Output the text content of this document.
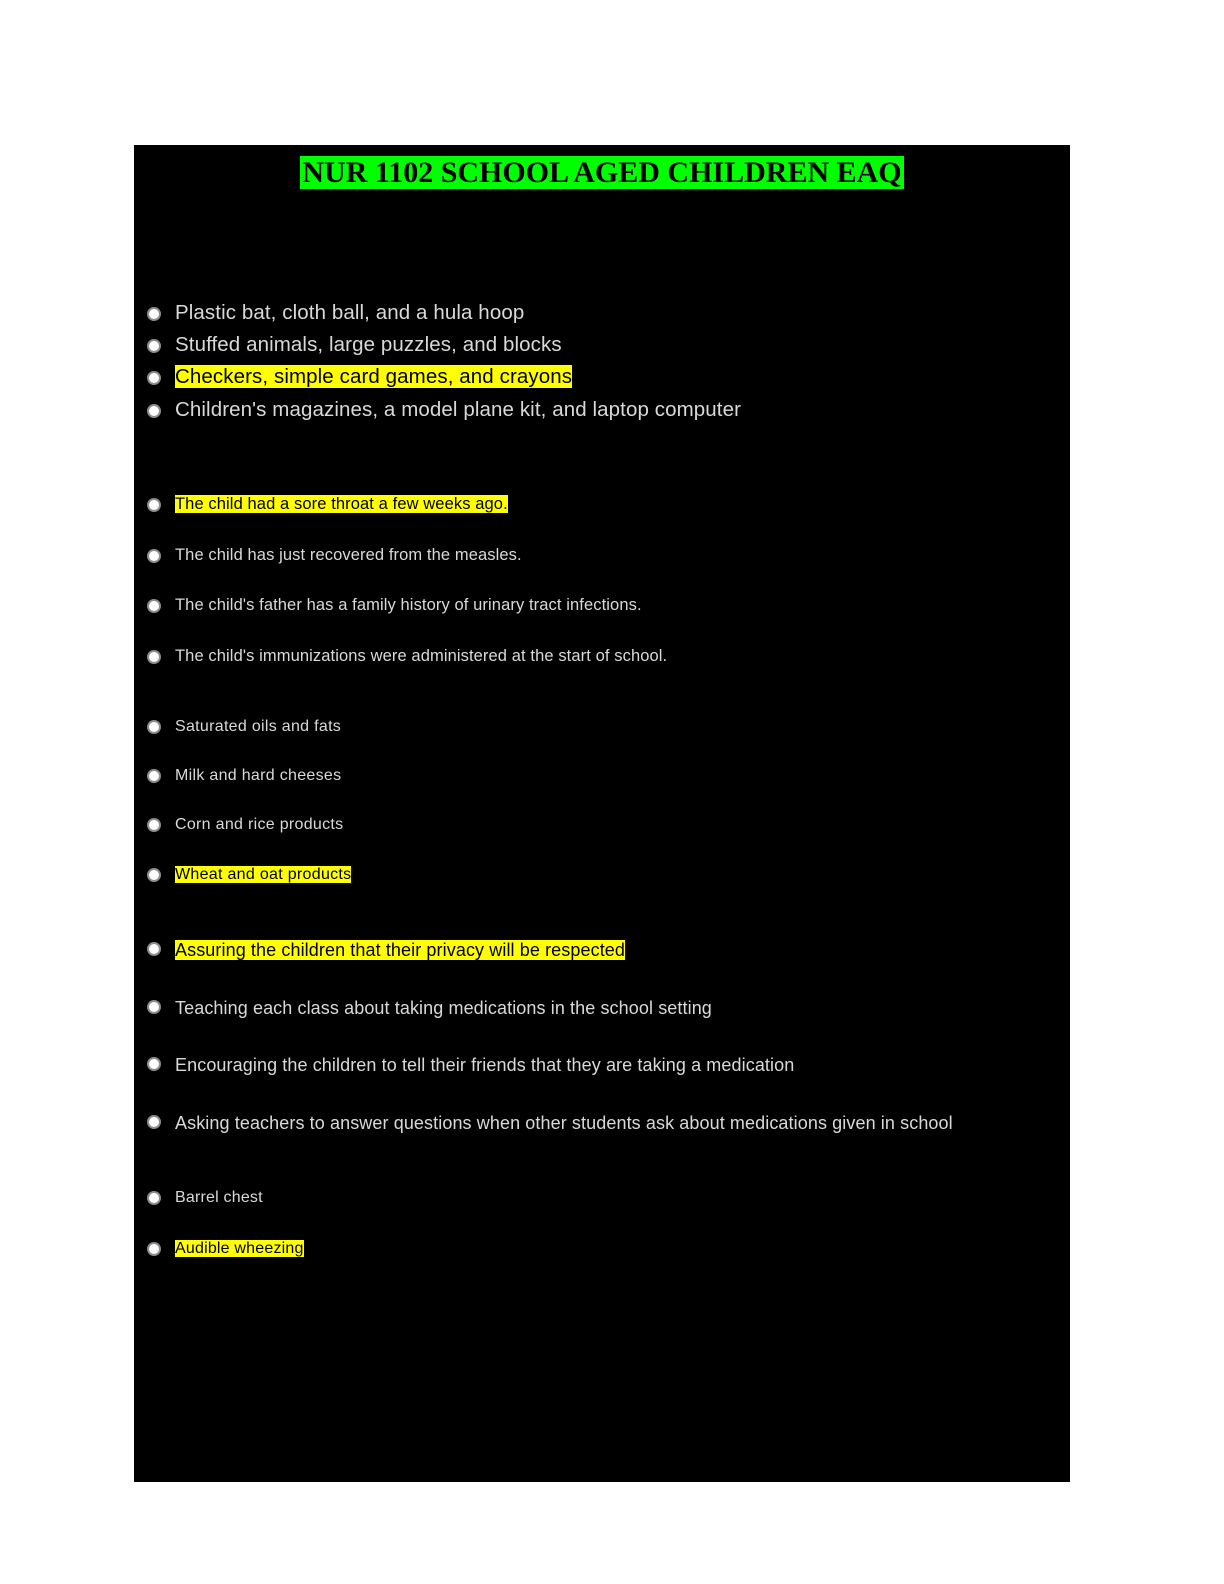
NUR 1102 SCHOOL AGED CHILDREN EAQ
Plastic bat, cloth ball, and a hula hoop
Stuffed animals, large puzzles, and blocks
Checkers, simple card games, and crayons
Children's magazines, a model plane kit, and laptop computer
The child had a sore throat a few weeks ago.
The child has just recovered from the measles.
The child's father has a family history of urinary tract infections.
The child's immunizations were administered at the start of school.
Saturated oils and fats
Milk and hard cheeses
Corn and rice products
Wheat and oat products
Assuring the children that their privacy will be respected
Teaching each class about taking medications in the school setting
Encouraging the children to tell their friends that they are taking a medication
Asking teachers to answer questions when other students ask about medications given in school
Barrel chest
Audible wheezing
